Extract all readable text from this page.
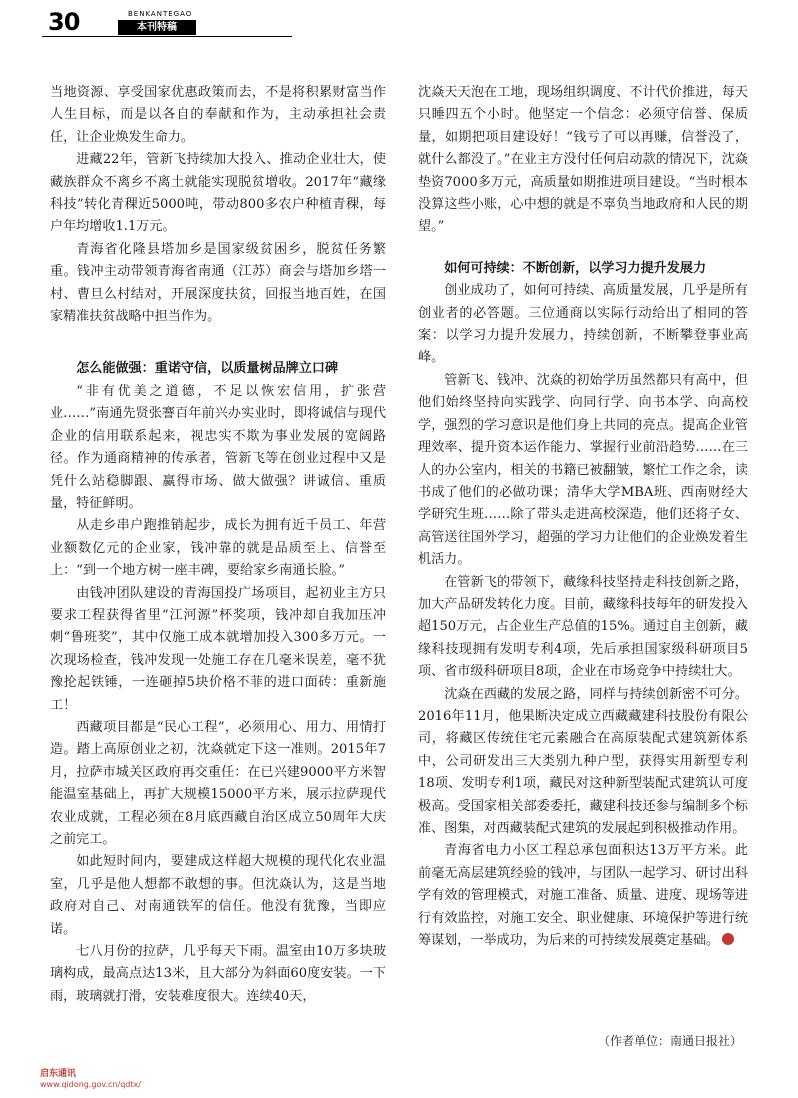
30	BENKANTEGAO
本刊特稿

当地资源、享受国家优惠政策而去，不是将积累财富当作人生目标，而是以各自的奉献和作为，主动承担社会责任，让企业焕发生命力。

进藏22年，管新飞持续加大投入、推动企业壮大，使藏族群众不离乡不离土就能实现脱贫增收。2017年“藏缘科技”转化青稞近5000吨，带动800多农户种植青稞，每户年均增收1.1万元。

青海省化隆县塔加乡是国家级贫困乡，脱贫任务繁重。钱冲主动带领青海省南通（江苏）商会与塔加乡塔一村、曹旦么村结对，开展深度扶贫，回报当地百姓，在国家精准扶贫战略中担当作为。

怎么能做强：重诺守信，以质量树品牌立口碑

“非有优美之道德，不足以恢宏信用，扩张营业……”南通先贤张謇百年前兴办实业时，即将诚信与现代企业的信用联系起来，视忠实不欺为事业发展的宽阔路径。作为通商精神的传承者，管新飞等在创业过程中又是凭什么站稳脚跟、赢得市场、做大做强？讲诚信、重质量，特征鲜明。

从走乡串户跑推销起步，成长为拥有近千员工、年营业额数亿元的企业家，钱冲靠的就是品质至上、信誉至上：“到一个地方树一座丰碑，要给家乡南通长脸。”

由钱冲团队建设的青海国投广场项目，起初业主方只要求工程获得省里“江河源”杯奖项，钱冲却自我加压冲刺“鲁班奖”，其中仅施工成本就增加投入300多万元。一次现场检查，钱冲发现一处施工存在几毫米误差，毫不犹豫抡起铁锤，一连砸掉5块价格不菲的进口面砖：重新施工！

西藏项目都是“民心工程”，必须用心、用力、用情打造。踏上高原创业之初，沈焱就定下这一准则。2015年7月，拉萨市城关区政府再交重任：在已兴建9000平方米智能温室基础上，再扩大规模15000平方米，展示拉萨现代农业成就，工程必须在8月底西藏自治区成立50周年大庆之前完工。

如此短时间内，要建成这样超大规模的现代化农业温室，几乎是他人想都不敢想的事。但沈焱认为，这是当地政府对自己、对南通铁军的信任。他没有犹豫，当即应诺。

七八月份的拉萨，几乎每天下雨。温室由10万多块玻璃构成，最高点达13米，且大部分为斜面60度安装。一下雨，玻璃就打滑，安装难度很大。连续40天，

沈焱天天泡在工地，现场组织调度、不计代价推进，每天只睡四五个小时。他坚定一个信念：必须守信誉、保质量，如期把项目建设好！“钱亏了可以再赚，信誉没了，就什么都没了。”在业主方没付任何启动款的情况下，沈焱垫资7000多万元，高质量如期推进项目建设。“当时根本没算这些小账，心中想的就是不辜负当地政府和人民的期望。”

如何可持续：不断创新，以学习力提升发展力

创业成功了，如何可持续、高质量发展，几乎是所有创业者的必答题。三位通商以实际行动给出了相同的答案：以学习力提升发展力，持续创新，不断攀登事业高峰。

管新飞、钱冲、沈焱的初始学历虽然都只有高中，但他们始终坚持向实践学、向同行学、向书本学、向高校学，强烈的学习意识是他们身上共同的亮点。提高企业管理效率、提升资本运作能力、掌握行业前沿趋势……在三人的办公室内，相关的书籍已被翻皱，繁忙工作之余，读书成了他们的必做功课；清华大学MBA班、西南财经大学研究生班……除了带头走进高校深造，他们还将子女、高管送往国外学习，超强的学习力让他们的企业焕发着生机活力。

在管新飞的带领下，藏缘科技坚持走科技创新之路，加大产品研发转化力度。目前，藏缘科技每年的研发投入超150万元，占企业生产总值的15%。通过自主创新，藏缘科技现拥有发明专利4项，先后承担国家级科研项目5项、省市级科研项目8项，企业在市场竞争中持续壮大。

沈焱在西藏的发展之路，同样与持续创新密不可分。2016年11月，他果断决定成立西藏藏建科技股份有限公司，将藏区传统住宅元素融合在高原装配式建筑新体系中，公司研发出三大类别九种户型，获得实用新型专利18项、发明专利1项，藏民对这种新型装配式建筑认可度极高。受国家相关部委委托，藏建科技还参与编制多个标准、图集，对西藏装配式建筑的发展起到积极推动作用。

青海省电力小区工程总承包面积达13万平方米。此前毫无高层建筑经验的钱冲，与团队一起学习、研讨出科学有效的管理模式，对施工准备、质量、进度、现场等进行有效监控，对施工安全、职业健康、环境保护等进行统筹谋划，一举成功，为后来的可持续发展奠定基础。

（作者单位：南通日报社）
启东通讯
www.qidong.gov.cn/qdtx/
